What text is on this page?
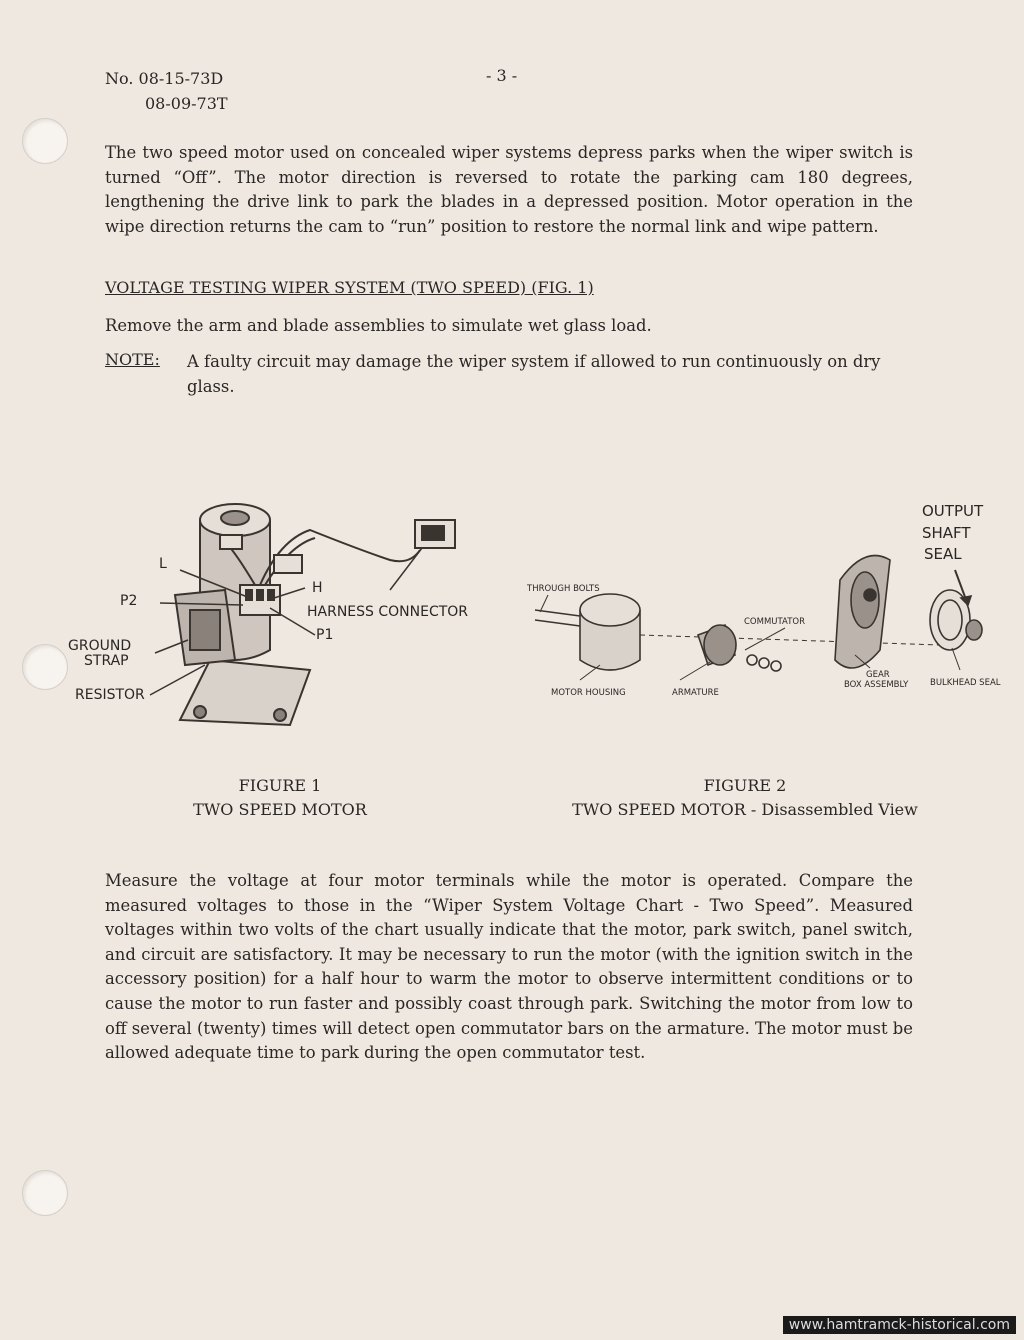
No. 08-15-73D
08-09-73T
- 3 -
The two speed motor used on concealed wiper systems depress parks when the wiper switch is turned “Off”. The motor direction is reversed to rotate the parking cam 180 degrees, lengthening the drive link to park the blades in a depressed position. Motor operation in the wipe direction returns the cam to “run” position to restore the normal link and wipe pattern.
VOLTAGE TESTING WIPER SYSTEM (TWO SPEED) (FIG. 1)
Remove the arm and blade assemblies to simulate wet glass load.
NOTE: A faulty circuit may damage the wiper system if allowed to run continuously on dry glass.
L
P2
H
HARNESS CONNECTOR
P1
GROUND
STRAP
RESISTOR
FIGURE 1
TWO SPEED MOTOR
OUTPUT
SHAFT
SEAL
THROUGH BOLTS
COMMUTATOR
MOTOR HOUSING	ARMATURE
GEAR
BOX ASSEMBLY	BULKHEAD SEAL
FIGURE 2
TWO SPEED MOTOR - Disassembled View
Measure the voltage at four motor terminals while the motor is operated. Compare the measured voltages to those in the “Wiper System Voltage Chart - Two Speed”. Measured voltages within two volts of the chart usually indicate that the motor, park switch, panel switch, and circuit are satisfactory. It may be necessary to run the motor (with the ignition switch in the accessory position) for a half hour to warm the motor to observe intermittent conditions or to cause the motor to run faster and possibly coast through park. Switching the motor from low to off several (twenty) times will detect open commutator bars on the armature. The motor must be allowed adequate time to park during the open commutator test.
www.hamtramck-historical.com
